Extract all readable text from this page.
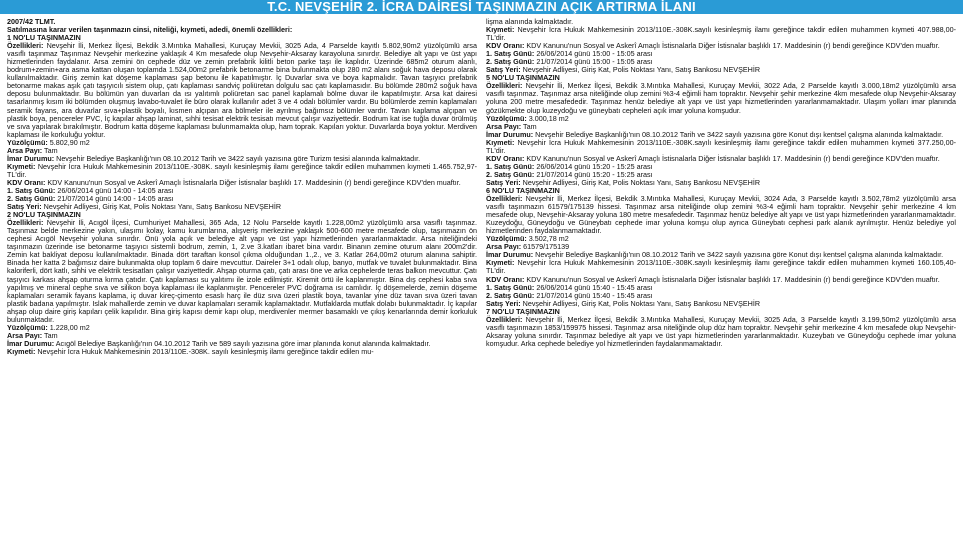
T.C. NEVŞEHİR 2. İCRA DAİRESİ TAŞINMAZIN AÇIK ARTIRMA İLANI

2007/42 TLMT.

Satılmasına karar verilen taşınmazın cinsi, niteliği, kıymeti, adedi, önemli özellikleri:

1 NO'LU TAŞINMAZIN

Özellikleri: Nevşehir İli, Merkez İlçesi, Bekdik 3.Mıntıka Mahallesi, Kuruçay Mevkii, 3025 Ada, 4 Parselde kayıtlı 5.802,90m2 yüzölçümlü arsa vasıflı taşınmaz Taşınmaz Nevşehir merkezine yaklaşık 4 Km mesafede olup Nevşehir-Aksaray karayoluna sınırdır. Belediye alt yapı ve üst yapı hizmetlerinden faydalanır. Arsa zemini ön cephede düz ve zemin prefabrik kilitli beton parke taşı ile kaplıdır. Üzerinde 685m2 oturum alanlı, bodrum+zemin+ara asma kattan oluşan toplamda 1.524,00m2 prefabrik betonarme bina bulunmakta olup 280 m2 alanı soğuk hava deposu olarak kullanılmaktadır. Giriş zemin kat döşeme kaplaması şap betonu ile kapatılmıştır. İç Duvarlar sıva ve boya kapmalıdır. Tavan taşıyıcı prefabrik betonarme makas aşık çatı taşıyıcılı sistem olup, çatı kaplaması sandviç poliüretan dolgulu sac çatı kaplamasıdır. Bu bölümde 280m2 soğuk hava deposu bulunmaktadır. Bu bölümün yan duvarları da ısı yalıtımlı poliüretan sac panel kaplamalı bölme duvar ile kapatılmıştır. Arsa kat dairesi tasarlanmış kısım iki bölümden oluşmuş lavabo-tuvalet ile büro olarak kullanılır adet 3 ve 4 odalı bölümler vardır. Bu bölümlerde zemin kaplamaları seramik fayans, ara duvarlar sıva+plastik boyalı, kısmen alçıpan ara bölmeler ile ayrılmış bağımsız bölümler vardır. Tavan kaplama alçıpan ve plastik boya, pencereler PVC, İç kapılar ahşap laminat, sıhhi tesisat elektrik tesisatı mevcut çalışır vaziyettedir. Bodrum kat ise tuğla duvar örülmüş ve sıva yapılarak bırakılmıştır. Bodrum katta döşeme kaplaması bulunmamakta olup, ham toprak. Kapıları yoktur. Duvarlarda boya yoktur. Merdiven kaplaması ile korkuluğu yoktur.

Yüzölçümü: 5.802,90 m2

Arsa Payı: Tam

İmar Durumu: Nevşehir Belediye Başkanlığı'nın 08.10.2012 Tarih ve 3422 sayılı yazısına göre Turizm tesisi alanında kalmaktadır.

Kıymeti: Nevşehir İcra Hukuk Mahkemesinin 2013/110E.-308K. sayılı kesinleşmiş ilamı gereğince takdir edilen muhammen kıymeti 1.465.752,97-TL'dir.

KDV Oranı: KDV Kanunu'nun Sosyal ve Askerî Amaçlı İstisnalarla Diğer İstisnalar başlıklı 17. Maddesinin (r) bendi gereğince KDV'den muaftır.

1. Satış Günü: 26/06/2014 günü 14:00 - 14:05 arası

2. Satış Günü: 21/07/2014 günü 14:00 - 14:05 arası

Satış Yeri: Nevşehir Adliyesi, Giriş Kat, Polis Noktası Yanı, Satış Bankosu NEVŞEHİR

2 NO'LU TAŞINMAZIN

Özellikleri: Nevşehir İli, Acıgöl İlçesi, Cumhuriyet Mahallesi, 365 Ada, 12 Nolu Parselde kayıtlı 1.228,00m2 yüzölçümlü arsa vasıflı taşınmaz. Taşınmaz belde merkezine yakın, ulaşımı kolay, kamu kurumlarına, alışveriş merkezine yaklaşık 500-600 metre mesafede olup, taşınmazın ön cephesi Acıgöl Nevşehir yoluna sınırdır. Önü yola açık ve belediye alt yapı ve üst yapı hizmetlerinden yararlanmaktadır. Arsa niteliğindeki taşınmazın üzerinde ise betonarme taşıyıcı sistemli bodrum, zemin, 1, 2.ve 3.katları ibaret bina vardır. Binanın zemine oturum alanı 200m2'dir. Zemin kat bakliyat deposu kullanılmaktadır. Binada dört taraftan konsol çıkma olduğundan 1.,2., ve 3. Katlar 264,00m2 oturum alanına sahiptir. Binada her katta 2 bağımsız daire bulunmakta olup toplam 6 daire mevcuttur. Daireler 3+1 odalı olup, banyo, mutfak ve tuvalet bulunmaktadır. Bina kaloriferli, dört katlı, sıhhi ve elektrik tesisatları çalışır vaziyettedir. Ahşap oturma çatı, çatı arası öne ve arka cephelerde teras balkon mevcuttur. Çatı taşıyıcı karkası ahşap oturma kırma çatıdır. Çatı kaplaması su yalıtımı ile izole edilmiştir. Kiremit örtü ile kaplanmıştır. Bina dış cephesi kaba sıva yapılmış ve mineral cephe sıva ve silikon boya kaplaması ile kaplanmıştır. Pencereler PVC doğrama ısı camlıdır. İç döşemelerde, zemin döşeme kaplamaları seramik fayans kaplama, iç duvar kireç-çimento esaslı harç ile düz sıva üzeri plastik boya, tavanlar yine düz tavan sıva üzeri tavan plastik badana yapılmıştır. Islak mahallerde zemin ve duvar kaplamaları seramik kaplamaktadır. Mutfaklarda mutfak dolabı bulunmaktadır. İç kapılar ahşap olup daire giriş kapıları çelik kapılıdır. Bina giriş kapısı demir kapı olup, merdivenler mermer basamaklı ve çıkış kenarlarında demir korkuluk bulunmaktadır.

Yüzölçümü: 1.228,00 m2

Arsa Payı: Tam

İmar Durumu: Acıgöl Belediye Başkanlığı'nın 04.10.2012 Tarih ve 589 sayılı yazısına göre imar planında konut alanında kalmaktadır.

Kıymeti: Nevşehir İcra Hukuk Mahkemesinin 2013/110E.-308K. sayılı kesinleşmiş ilamı gereğince takdir edilen mu-

lişma alanında kalmaktadır.

Kıymeti: Nevşehir İcra Hukuk Mahkemesinin 2013/110E.-308K.sayılı kesinleşmiş ilamı gereğince takdir edilen muhammen kıymeti 407.988,00-TL'dir.

KDV Oranı: KDV Kanunu'nun Sosyal ve Askerî Amaçlı İstisnalarla Diğer İstisnalar başlıklı 17. Maddesinin (r) bendi gereğince KDV'den muaftır.

1. Satış Günü: 26/06/2014 günü 15:00 - 15:05 arası

2. Satış Günü: 21/07/2014 günü 15:00 - 15:05 arası

Satış Yeri: Nevşehir Adliyesi, Giriş Kat, Polis Noktası Yanı, Satış Bankosu NEVŞEHİR

5 NO'LU TAŞINMAZIN

Özellikleri: Nevşehir İli, Merkez İlçesi, Bekdik 3.Mıntıka Mahallesi, Kuruçay Mevkii, 3022 Ada, 2 Parselde kayıtlı 3.000,18m2 yüzölçümlü arsa vasıflı taşınmaz. Taşınmaz arsa niteliğinde olup zemini %3-4 eğimli ham topraktır. Nevşehir şehir merkezine 4km mesafede olup Nevşehir-Aksaray yoluna 200 metre mesafededir. Taşınmaz henüz belediye alt yapı ve üst yapı hizmetlerinden yararlanmamaktadır. Ulaşım yolları imar planında gözükmekte olup kuzeydoğu ve güneybatı cepheleri açık imar yoluna komşudur.

Yüzölçümü: 3.000,18 m2

Arsa Payı: Tam

İmar Durumu: Nevşehir Belediye Başkanlığı'nın 08.10.2012 Tarih ve 3422 sayılı yazısına göre Konut dışı kentsel çalışma alanında kalmaktadır.

Kıymeti: Nevşehir İcra Hukuk Mahkemesinin 2013/110E.-308K.sayılı kesinleşmiş ilamı gereğince takdir edilen muhammen kıymeti 377.250,00-TL'dir.

KDV Oranı: KDV Kanunu'nun Sosyal ve Askerî Amaçlı İstisnalarla Diğer İstisnalar başlıklı 17. Maddesinin (r) bendi gereğince KDV'den muaftır.

1. Satış Günü: 26/06/2014 günü 15:20 - 15:25 arası

2. Satış Günü: 21/07/2014 günü 15:20 - 15:25 arası

Satış Yeri: Nevşehir Adliyesi, Giriş Kat, Polis Noktası Yanı, Satış Bankosu NEVŞEHİR

6 NO'LU TAŞINMAZIN

Özellikleri: Nevşehir İli, Merkez İlçesi, Bekdik 3.Mıntıka Mahallesi, Kuruçay Mevkii, 3024 Ada, 3 Parselde kayıtlı 3.502,78m2 yüzölçümlü arsa vasıflı taşınmazın 61579/175139 hissesi. Taşınmaz arsa niteliğinde olup zemini %3-4 eğimli ham topraktır. Nevşehir şehir merkezine 4 km mesafede olup, Nevşehir-Aksaray yoluna 180 metre mesafededir. Taşınmaz henüz belediye alt yapı ve üst yapı hizmetlerinden yararlanmamaktadır. Kuzeydoğu, Güneydoğu ve Güneybatı cephede imar yoluna komşu olup ayrıca Güneybatı cephesi park alanık ayrılmıştır. Henüz belediye yol hizmetlerinden faydalanmamaktadır.

Yüzölçümü: 3.502,78 m2

Arsa Payı: 61579/175139

İmar Durumu: Nevşehir Belediye Başkanlığı'nın 08.10.2012 Tarih ve 3422 sayılı yazısına göre Konut dışı kentsel çalışma alanında kalmaktadır.

Kıymeti: Nevşehir İcra Hukuk Mahkemesinin 2013/110E.-308K.sayılı kesinleşmiş ilamı gereğince takdir edilen muhammen kıymeti 160.105,40-TL'dir.

KDV Oranı: KDV Kanunu'nun Sosyal ve Askerî Amaçlı İstisnalarla Diğer İstisnalar başlıklı 17. Maddesinin (r) bendi gereğince KDV'den muaftır.

1. Satış Günü: 26/06/2014 günü 15:40 - 15:45 arası

2. Satış Günü: 21/07/2014 günü 15:40 - 15:45 arası

Satış Yeri: Nevşehir Adliyesi, Giriş Kat, Polis Noktası Yanı, Satış Bankosu NEVŞEHİR

7 NO'LU TAŞINMAZIN

Özellikleri: Nevşehir İli, Merkez İlçesi, Bekdik 3.Mıntıka Mahallesi, Kuruçay Mevkii, 3025 Ada, 3 Parselde kayıtlı 3.199,50m2 yüzölçümlü arsa vasıflı taşınmazın 1853/159975 hissesi. Taşınmaz arsa niteliğinde olup düz ham topraktır. Nevşehir şehir merkezine 4 km mesafede olup Nevşehir-Aksaray yoluna sınırdır. Taşınmaz belediye alt yapı ve üst yapı hizmetlerinden yararlanmaktadır. Kuzeybatı ve Güneydoğu cephede imar yoluna komşudur. Arka cephede belediye yol hizmetlerinden faydalanmamaktadır.
